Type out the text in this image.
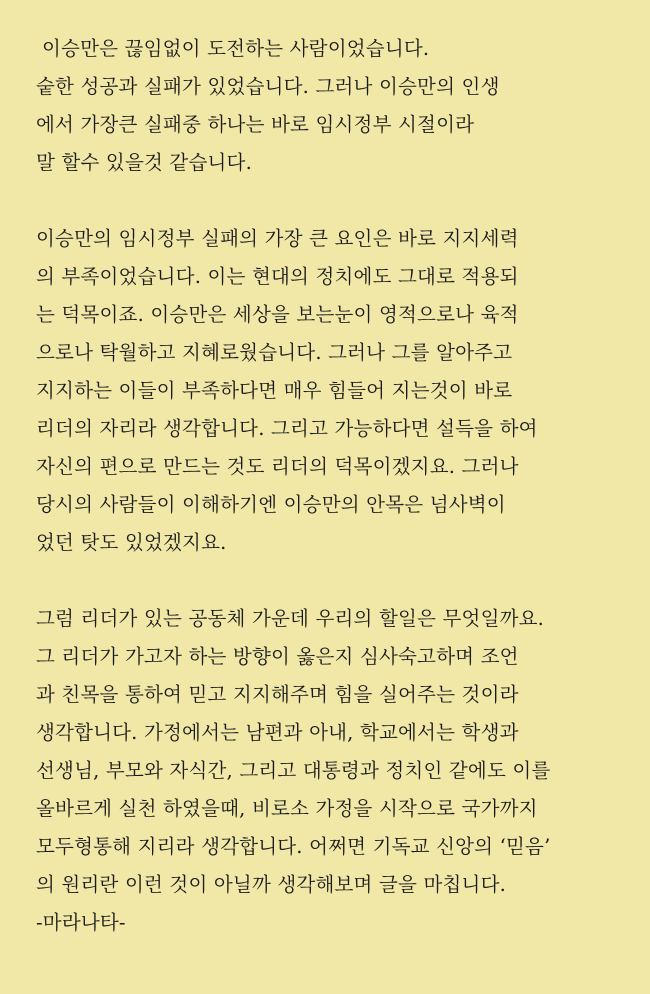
이승만은 끊임없이 도전하는 사람이었습니다.
숱한 성공과 실패가 있었습니다. 그러나 이승만의 인생
에서 가장큰 실패중 하나는 바로 임시정부 시절이라
말 할수 있을것 같습니다.
이승만의 임시정부 실패의 가장 큰 요인은 바로 지지세력
의 부족이었습니다. 이는 현대의 정치에도 그대로 적용되
는 덕목이죠. 이승만은 세상을 보는눈이 영적으로나 육적
으로나 탁월하고 지혜로웠습니다. 그러나 그를 알아주고
지지하는 이들이 부족하다면 매우 힘들어 지는것이 바로
리더의 자리라 생각합니다. 그리고 가능하다면 설득을 하여
자신의 편으로 만드는 것도 리더의 덕목이겠지요. 그러나
당시의 사람들이 이해하기엔 이승만의 안목은 넘사벽이
었던 탓도 있었겠지요.
그럼 리더가 있는 공동체 가운데 우리의 할일은 무엇일까요.
그 리더가 가고자 하는 방향이 옳은지 심사숙고하며 조언
과 친목을 통하여 믿고 지지해주며 힘을 실어주는 것이라
생각합니다. 가정에서는 남편과 아내, 학교에서는 학생과
선생님, 부모와 자식간, 그리고 대통령과 정치인 같에도 이를
올바르게 실천 하였을때, 비로소 가정을 시작으로 국가까지
모두형통해 지리라 생각합니다. 어쩌면 기독교 신앙의 ‘믿음’
의 원리란 이런 것이 아닐까 생각해보며 글을 마칩니다.

-마라나타-
